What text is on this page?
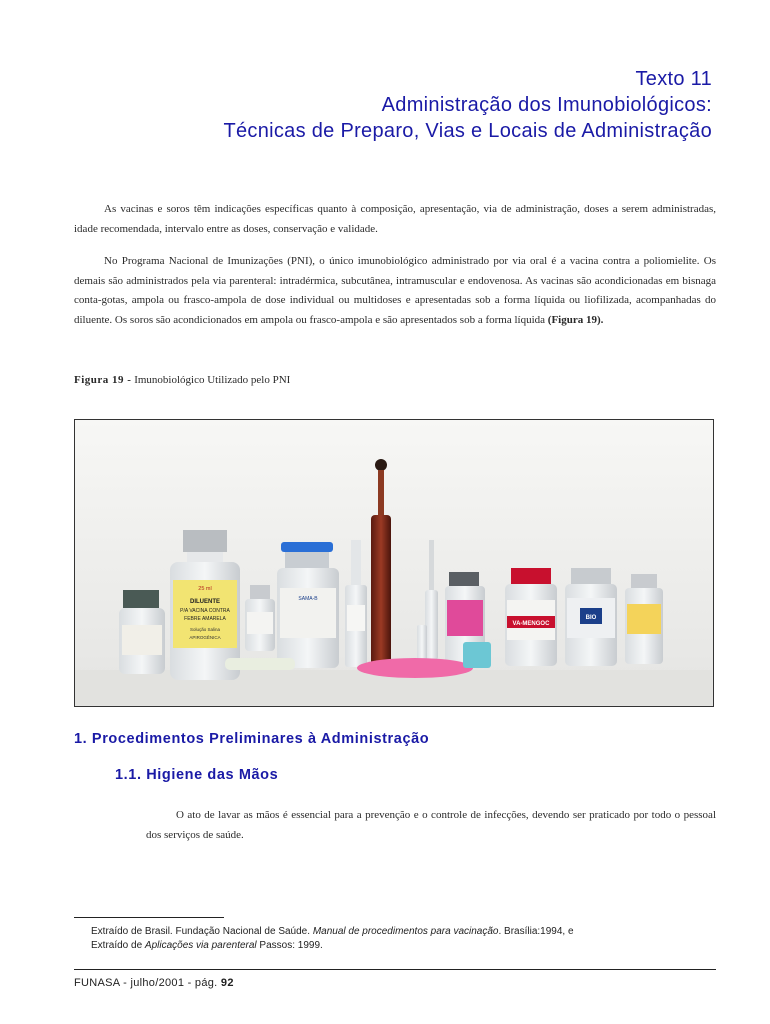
Texto 11
Administração dos Imunobiológicos:
Técnicas de Preparo, Vias e Locais de Administração
As vacinas e soros têm indicações específicas quanto à composição, apresentação, via de administração, doses a serem administradas, idade recomendada, intervalo entre as doses, conservação e validade.
No Programa Nacional de Imunizações (PNI), o único imunobiológico administrado por via oral é a vacina contra a poliomielite. Os demais são administrados pela via parenteral: intradérmica, subcutânea, intramuscular e endovenosa. As vacinas são acondicionadas em bisnaga conta-gotas, ampola ou frasco-ampola de dose individual ou multidoses e apresentadas sob a forma líquida ou liofilizada, acompanhadas do diluente. Os soros são acondicionados em ampola ou frasco-ampola e são apresentados sob a forma líquida (Figura 19).
Figura 19 - Imunobiológico Utilizado pelo PNI
25 ml
DILUENTE
P/A VACINA CONTRA
FEBRE AMARELA
Solução Salina
APIROGÊNICA
SAMA-B
VA-MENGOC
BIO
1. Procedimentos Preliminares à Administração
1.1. Higiene das Mãos
O ato de lavar as mãos é essencial para a prevenção e o controle de infecções, devendo ser praticado por todo o pessoal dos serviços de saúde.
Extraído de Brasil. Fundação Nacional de Saúde. Manual de procedimentos para vacinação. Brasília:1994, e
Extraído de Aplicações via parenteral Passos: 1999.
FUNASA - julho/2001 - pág. 92
